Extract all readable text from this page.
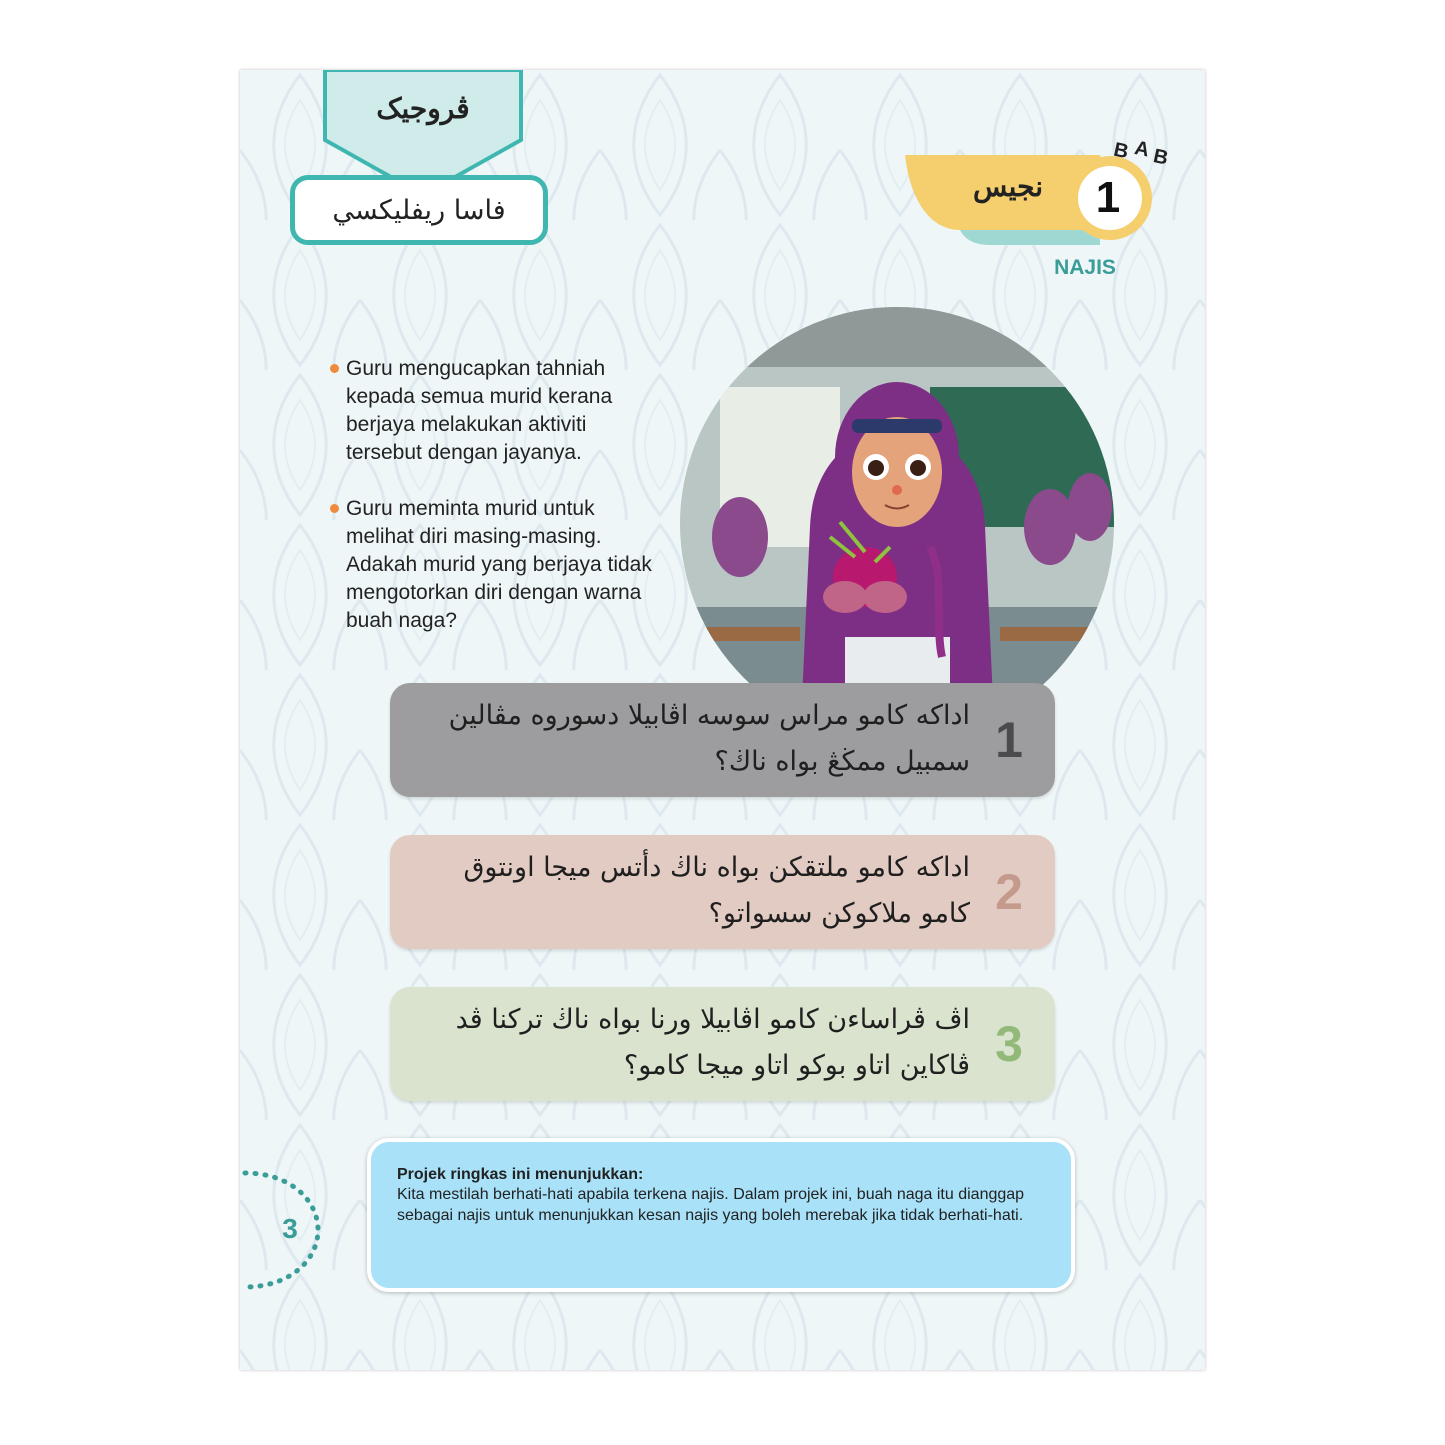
ڤروجيک
فاسا ريفليکسي
نجيس	1
B AB
NAJIS
Guru mengucapkan tahniah kepada semua murid kerana berjaya melakukan aktiviti tersebut dengan jayanya.
Guru meminta murid untuk melihat diri masing-masing. Adakah murid yang berjaya tidak mengotorkan diri dengan warna buah naga?
اداکه کامو مراس سوسه اڤابيلا دسوروه مڤالين سمبيل ممڬڠ بواه ناڬ؟ 1
اداکه کامو ملتقکن بواه ناڬ دأتس ميجا اونتوق کامو ملاکوکن سسواتو؟ 2
اڤ ڤراساءن کامو اڤابيلا ورنا بواه ناڬ ترکنا ڤد ڤاکاين اتاو بوکو اتاو ميجا کامو؟ 3
Projek ringkas ini menunjukkan:
Kita mestilah berhati-hati apabila terkena najis. Dalam projek ini, buah naga itu dianggap sebagai najis untuk menunjukkan kesan najis yang boleh merebak jika tidak berhati-hati.
3
